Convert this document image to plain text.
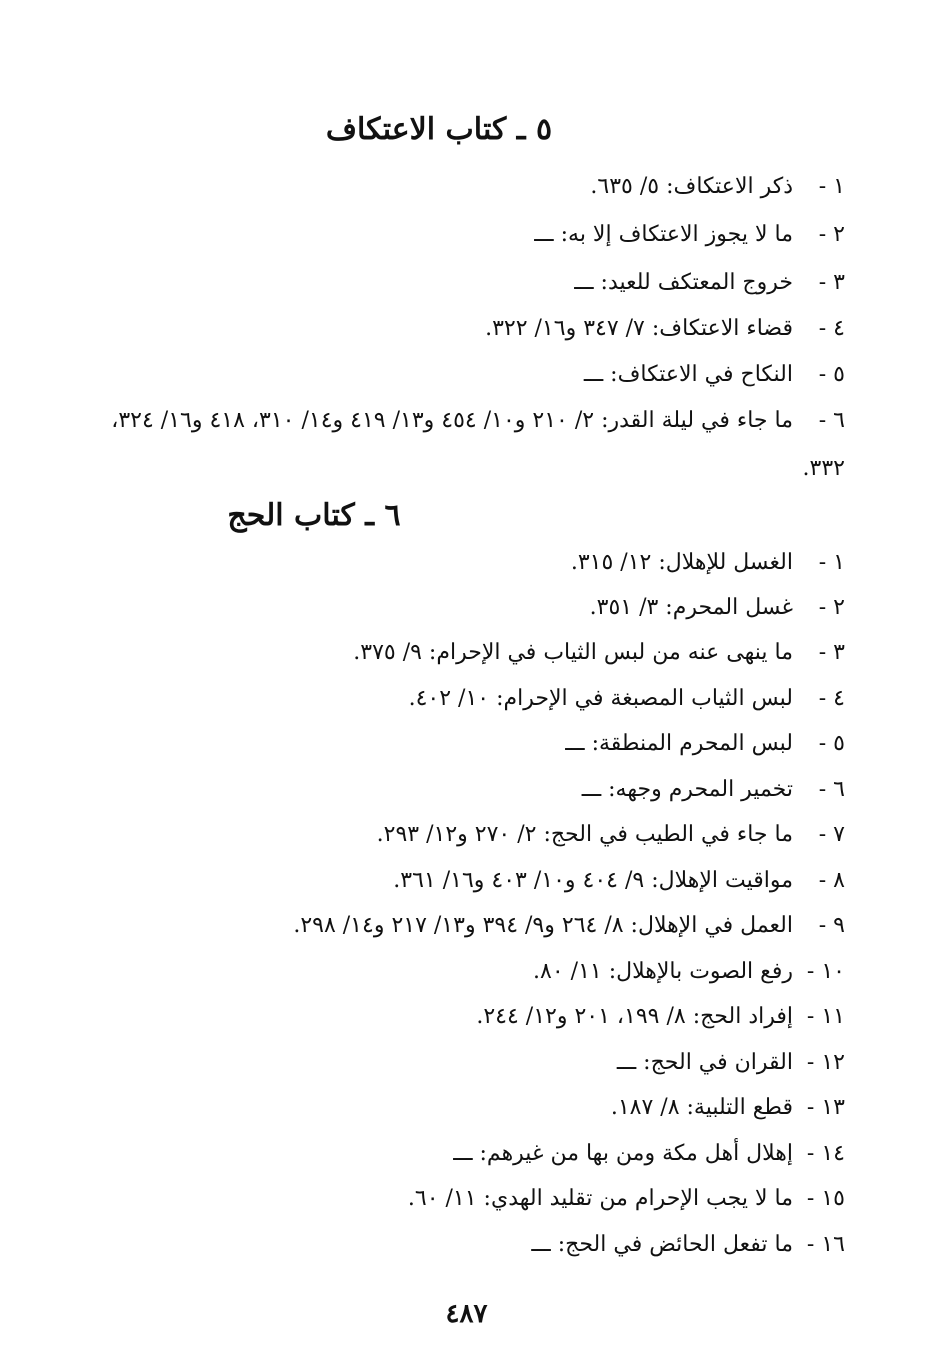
٥ ـ كتاب الاعتكاف
١ -
ذكر الاعتكاف: ٥/ ٦٣٥.
٢ -
ما لا يجوز الاعتكاف إلا به: ـــ
٣ -
خروج المعتكف للعيد: ـــ
٤ -
قضاء الاعتكاف: ٧/ ٣٤٧ و١٦/ ٣٢٢.
٥ -
النكاح في الاعتكاف: ـــ
٦ -
ما جاء في ليلة القدر: ٢/ ٢١٠ و١٠/ ٤٥٤ و١٣/ ٤١٩ و١٤/ ٣١٠، ٤١٨ و١٦/ ٣٢٤،
٣٣٢.
٦ ـ كتاب الحج
١ -
الغسل للإهلال: ١٢/ ٣١٥.
٢ -
غسل المحرم: ٣/ ٣٥١.
٣ -
ما ينهى عنه من لبس الثياب في الإحرام: ٩/ ٣٧٥.
٤ -
لبس الثياب المصبغة في الإحرام: ١٠/ ٤٠٢.
٥ -
لبس المحرم المنطقة: ـــ
٦ -
تخمير المحرم وجهه: ـــ
٧ -
ما جاء في الطيب في الحج: ٢/ ٢٧٠ و١٢/ ٢٩٣.
٨ -
مواقيت الإهلال: ٩/ ٤٠٤ و١٠/ ٤٠٣ و١٦/ ٣٦١.
٩ -
العمل في الإهلال: ٨/ ٢٦٤ و٩/ ٣٩٤ و١٣/ ٢١٧ و١٤/ ٢٩٨.
١٠ -
رفع الصوت بالإهلال: ١١/ ٨٠.
١١ -
إفراد الحج: ٨/ ١٩٩، ٢٠١ و١٢/ ٢٤٤.
١٢ -
القران في الحج: ـــ
١٣ -
قطع التلبية: ٨/ ١٨٧.
١٤ -
إهلال أهل مكة ومن بها من غيرهم: ـــ
١٥ -
ما لا يجب الإحرام من تقليد الهدي: ١١/ ٦٠.
١٦ -
ما تفعل الحائض في الحج: ـــ
٤٨٧
